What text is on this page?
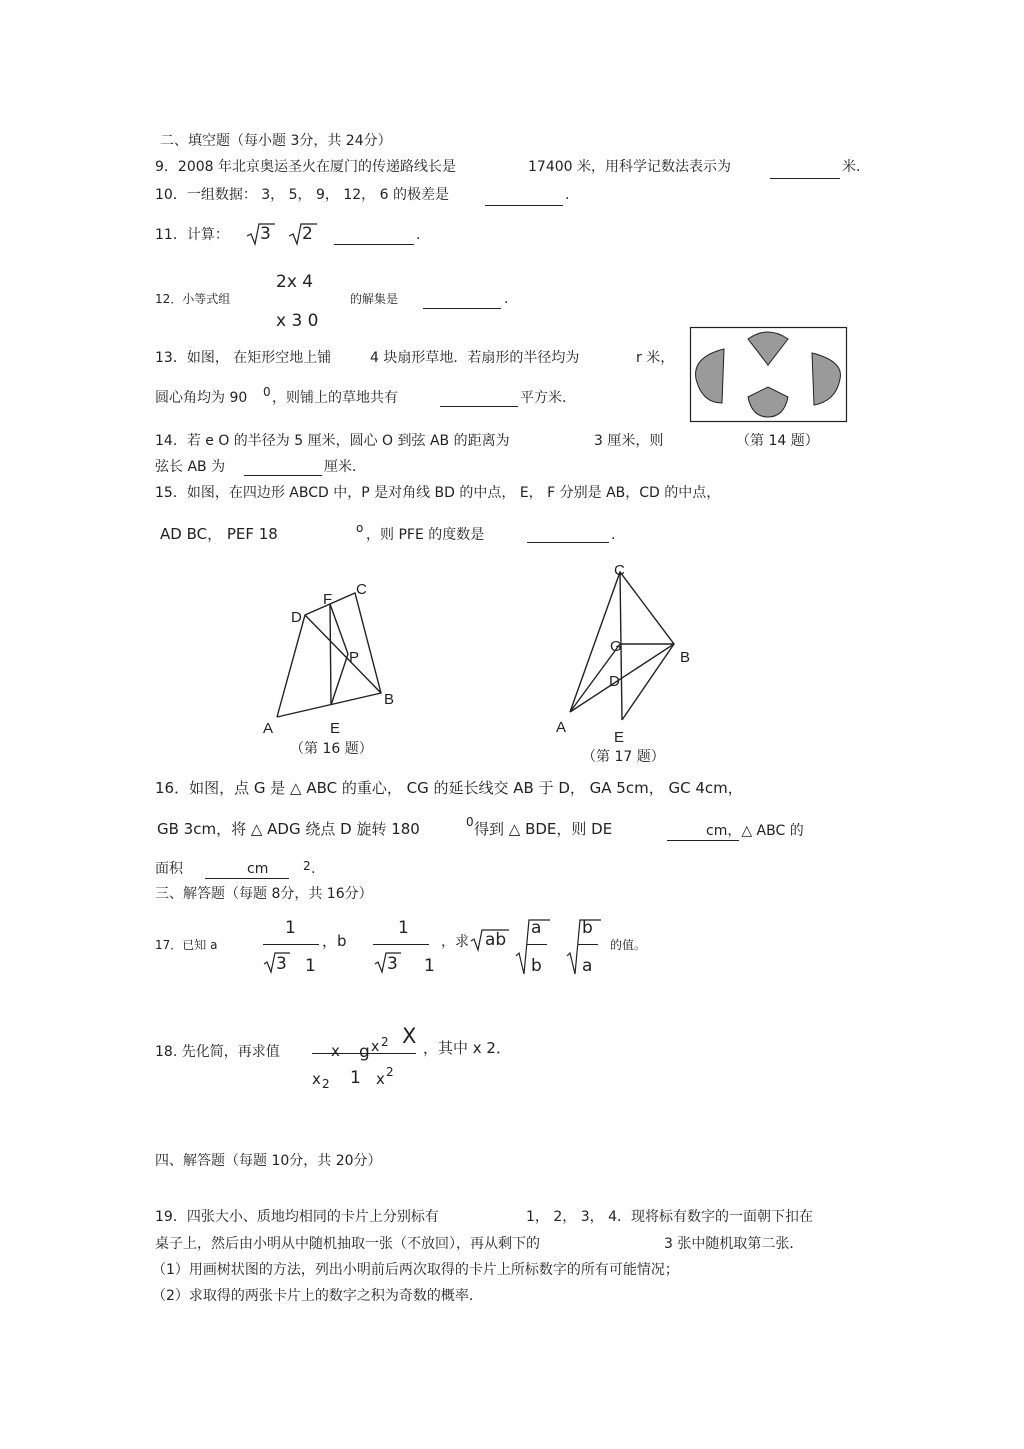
二、填空题（每小题 3分，共 24分）
9．2008 年北京奥运圣火在厦门的传递路线长是	17400 米，用科学记数法表示为	米.
10．一组数据： 3， 5， 9， 12， 6 的极差是	.
11．计算： 3 2	.
12．小等式组
2x 4
x 3 0
的解集是	.
13．如图， 在矩形空地上铺	4 块扇形草地．若扇形的半径均为	r 米，
圆心角均为 90 0 ，则铺上的草地共有	平方米．
（第 14 题）
14．若 e O 的半径为 5 厘米，圆心 O 到弦 AB 的距离为	3 厘米，则
弦长 AB 为	厘米．
15．如图，在四边形 ABCD 中，P 是对角线 BD 的中点， E， F 分别是 AB，CD 的中点，
AD BC， PEF 18	o ，则 PFE 的度数是	.
D
F
C
P
B
A	E
（第 16 题）
C
G
B
D
A
E
（第 17 题）
16．如图，点 G 是 △ ABC 的重心， CG 的延长线交 AB 于 D， GA 5cm， GC 4cm，
GB 3cm，将 △ ADG 绕点 D 旋转 180	0 得到 △ BDE，则 DE	cm，△ ABC 的
面积	cm	2 .
三、解答题（每题 8分，共 16分）
17．已知 a
1
3 1
，b
1
3 1
，求 ab
a
b
b
a
的值。
18. 先化简，再求值	x g x 2 X ，其中 x 2．
x 2 1 x 2
四、解答题（每题 10分，共 20分）
19．四张大小、质地均相同的卡片上分别标有	1， 2， 3， 4．现将标有数字的一面朝下扣在
桌子上，然后由小明从中随机抽取一张（不放回），再从剩下的	3 张中随机取第二张．
（1）用画树状图的方法，列出小明前后两次取得的卡片上所标数字的所有可能情况；
（2）求取得的两张卡片上的数字之积为奇数的概率．
